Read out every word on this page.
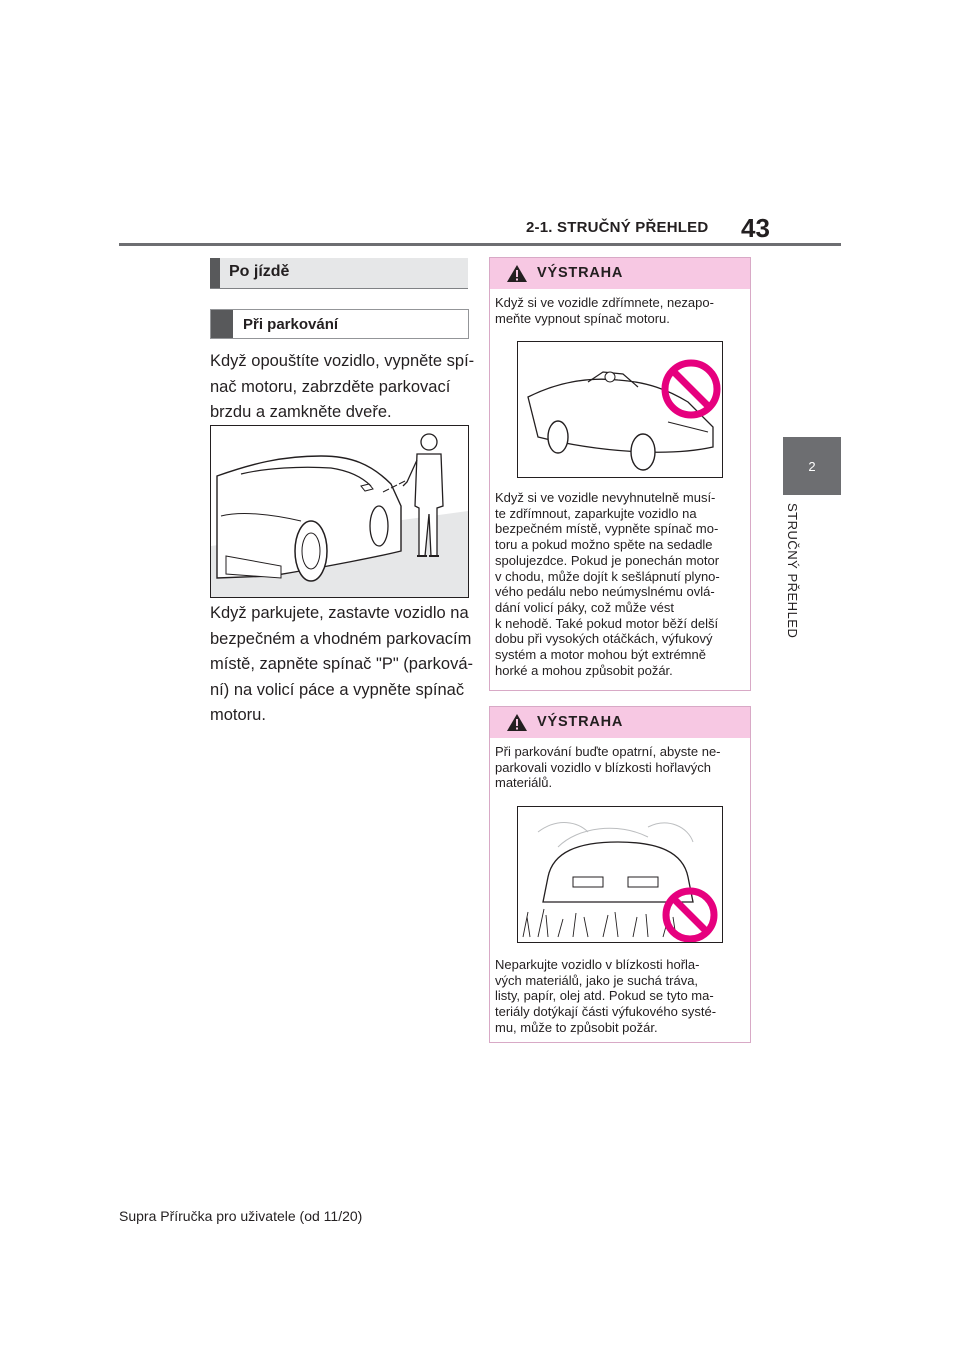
2-1. STRUČNÝ PŘEHLED 43
2
STRUČNÝ PŘEHLED
Po jízdě
Při parkování
Když opouštíte vozidlo, vypněte spí-
nač motoru, zabrzděte parkovací
brzdu a zamkněte dveře.
Když parkujete, zastavte vozidlo na
bezpečném a vhodném parkovacím
místě, zapněte spínač "P" (parková-
ní) na volicí páce a vypněte spínač
motoru.
VÝSTRAHA
Když si ve vozidle zdřímnete, nezapo-
meňte vypnout spínač motoru.
Když si ve vozidle nevyhnutelně musí-
te zdřímnout, zaparkujte vozidlo na
bezpečném místě, vypněte spínač mo-
toru a pokud možno spěte na sedadle
spolujezdce. Pokud je ponechán motor
v chodu, může dojít k sešlápnutí plyno-
vého pedálu nebo neúmyslnému ovlá-
dání volicí páky, což může vést
k nehodě. Také pokud motor běží delší
dobu při vysokých otáčkách, výfukový
systém a motor mohou být extrémně
horké a mohou způsobit požár.
VÝSTRAHA
Při parkování buďte opatrní, abyste ne-
parkovali vozidlo v blízkosti hořlavých
materiálů.
Neparkujte vozidlo v blízkosti hořla-
vých materiálů, jako je suchá tráva,
listy, papír, olej atd. Pokud se tyto ma-
teriály dotýkají části výfukového systé-
mu, může to způsobit požár.
Supra Příručka pro uživatele (od 11/20)
